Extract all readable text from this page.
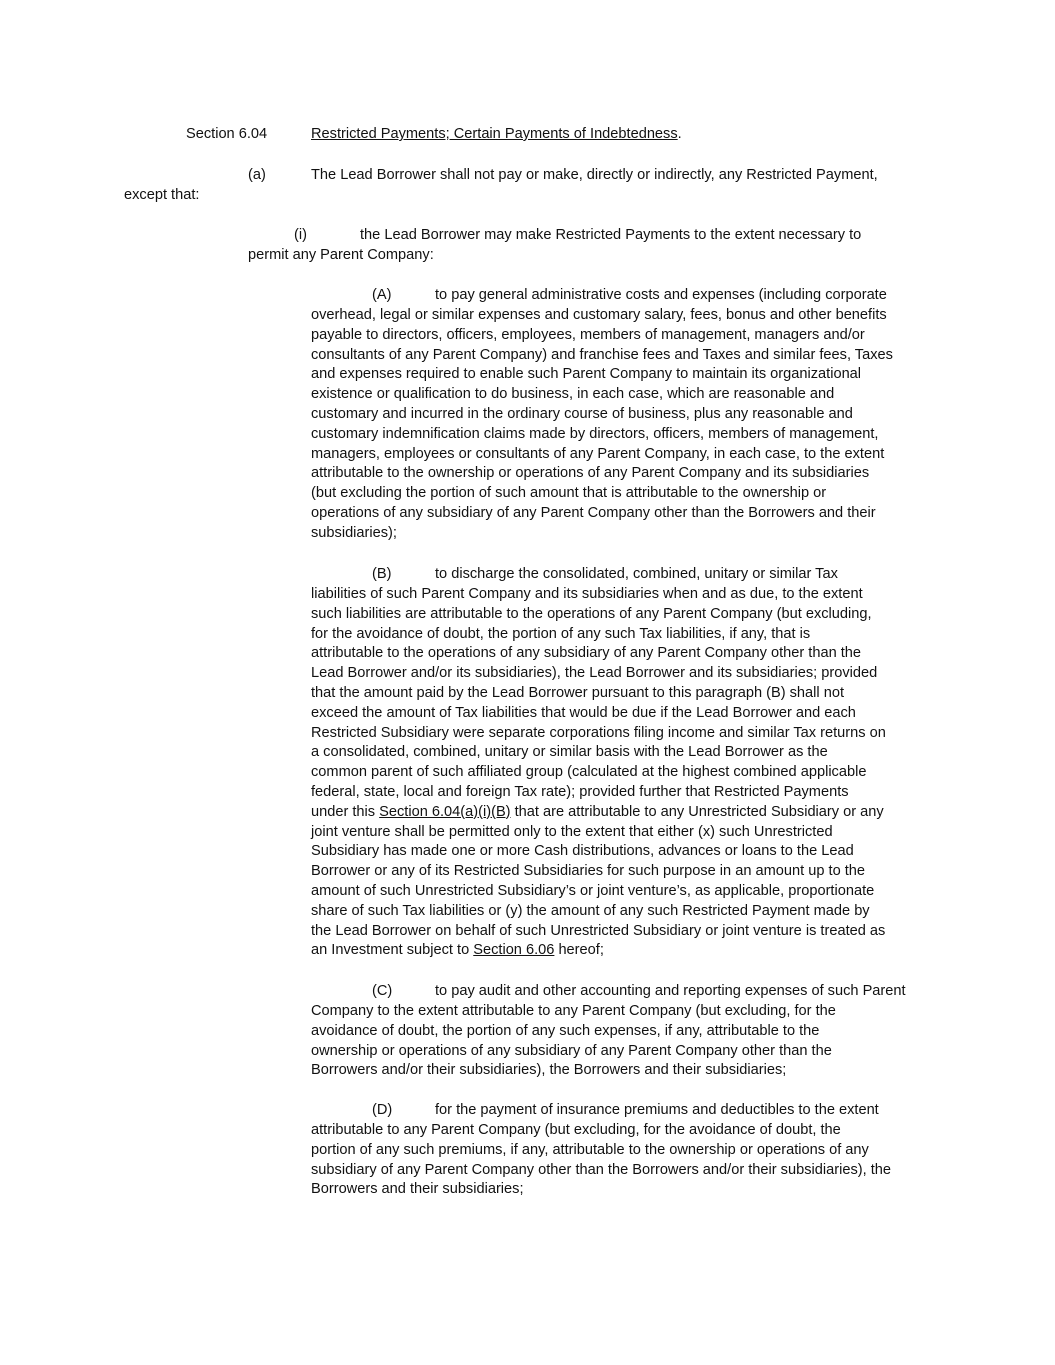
Section 6.04	Restricted Payments; Certain Payments of Indebtedness.
(a)	The Lead Borrower shall not pay or make, directly or indirectly, any Restricted Payment,
except that:
(i)	the Lead Borrower may make Restricted Payments to the extent necessary to
permit any Parent Company:
(A)	to pay general administrative costs and expenses (including corporate
overhead, legal or similar expenses and customary salary, fees, bonus and other benefits
payable to directors, officers, employees, members of management, managers and/or
consultants of any Parent Company) and franchise fees and Taxes and similar fees, Taxes
and expenses required to enable such Parent Company to maintain its organizational
existence or qualification to do business, in each case, which are reasonable and
customary and incurred in the ordinary course of business, plus any reasonable and
customary indemnification claims made by directors, officers, members of management,
managers, employees or consultants of any Parent Company, in each case, to the extent
attributable to the ownership or operations of any Parent Company and its subsidiaries
(but excluding the portion of such amount that is attributable to the ownership or
operations of any subsidiary of any Parent Company other than the Borrowers and their
subsidiaries);
(B)	to discharge the consolidated, combined, unitary or similar Tax
liabilities of such Parent Company and its subsidiaries when and as due, to the extent
such liabilities are attributable to the operations of any Parent Company (but excluding,
for the avoidance of doubt, the portion of any such Tax liabilities, if any, that is
attributable to the operations of any subsidiary of any Parent Company other than the
Lead Borrower and/or its subsidiaries), the Lead Borrower and its subsidiaries; provided
that the amount paid by the Lead Borrower pursuant to this paragraph (B) shall not
exceed the amount of Tax liabilities that would be due if the Lead Borrower and each
Restricted Subsidiary were separate corporations filing income and similar Tax returns on
a consolidated, combined, unitary or similar basis with the Lead Borrower as the
common parent of such affiliated group (calculated at the highest combined applicable
federal, state, local and foreign Tax rate); provided further that Restricted Payments
under this Section 6.04(a)(i)(B) that are attributable to any Unrestricted Subsidiary or any
joint venture shall be permitted only to the extent that either (x) such Unrestricted
Subsidiary has made one or more Cash distributions, advances or loans to the Lead
Borrower or any of its Restricted Subsidiaries for such purpose in an amount up to the
amount of such Unrestricted Subsidiary’s or joint venture’s, as applicable, proportionate
share of such Tax liabilities or (y) the amount of any such Restricted Payment made by
the Lead Borrower on behalf of such Unrestricted Subsidiary or joint venture is treated as
an Investment subject to Section 6.06 hereof;
(C)	to pay audit and other accounting and reporting expenses of such Parent
Company to the extent attributable to any Parent Company (but excluding, for the
avoidance of doubt, the portion of any such expenses, if any, attributable to the
ownership or operations of any subsidiary of any Parent Company other than the
Borrowers and/or their subsidiaries), the Borrowers and their subsidiaries;
(D)	for the payment of insurance premiums and deductibles to the extent
attributable to any Parent Company (but excluding, for the avoidance of doubt, the
portion of any such premiums, if any, attributable to the ownership or operations of any
subsidiary of any Parent Company other than the Borrowers and/or their subsidiaries), the
Borrowers and their subsidiaries;
